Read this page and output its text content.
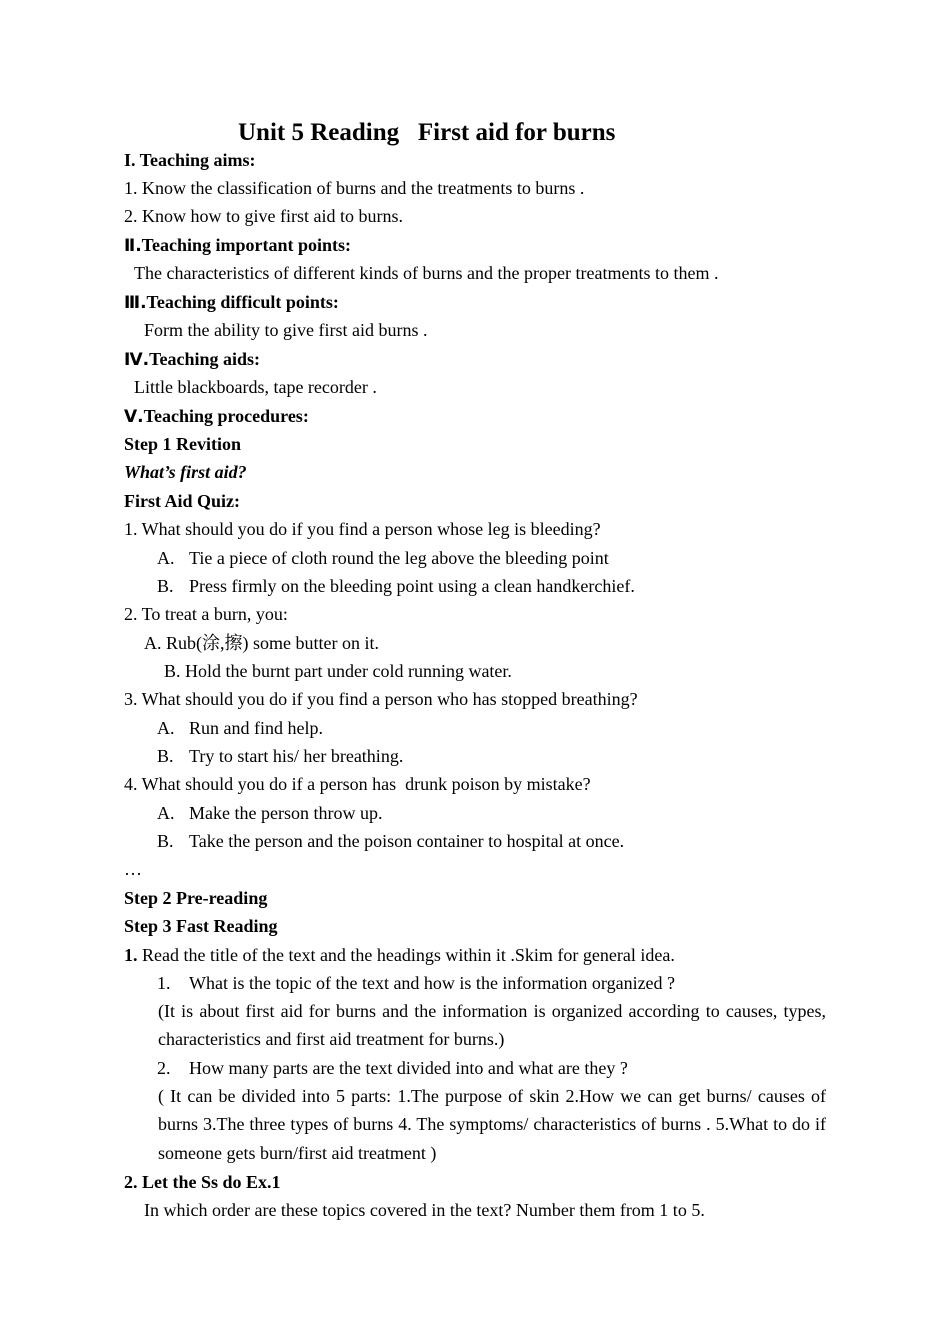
Unit 5 Reading   First aid for burns
I. Teaching aims:
1. Know the classification of burns and the treatments to burns .
2. Know how to give first aid to burns.
Ⅱ.Teaching important points:
The characteristics of different kinds of burns and the proper treatments to them .
Ⅲ.Teaching difficult points:
Form the ability to give first aid burns .
Ⅳ.Teaching aids:
Little blackboards, tape recorder .
Ⅴ.Teaching procedures:
Step 1 Revition
What’s first aid?
First Aid Quiz:
1. What should you do if you find a person whose leg is bleeding?
A. Tie a piece of cloth round the leg above the bleeding point
B. Press firmly on the bleeding point using a clean handkerchief.
2. To treat a burn, you:
A. Rub(涂,擦) some butter on it.
B. Hold the burnt part under cold running water.
3. What should you do if you find a person who has stopped breathing?
A. Run and find help.
B. Try to start his/ her breathing.
4. What should you do if a person has  drunk poison by mistake?
A. Make the person throw up.
B. Take the person and the poison container to hospital at once.
…
Step 2 Pre-reading
Step 3 Fast Reading
1. Read the title of the text and the headings within it .Skim for general idea.
1. What is the topic of the text and how is the information organized ?
(It is about first aid for burns and the information is organized according to causes, types, characteristics and first aid treatment for burns.)
2. How many parts are the text divided into and what are they ?
( It can be divided into 5 parts: 1.The purpose of skin 2.How we can get burns/ causes of burns 3.The three types of burns 4. The symptoms/ characteristics of burns . 5.What to do if someone gets burn/first aid treatment )
2. Let the Ss do Ex.1
In which order are these topics covered in the text? Number them from 1 to 5.
